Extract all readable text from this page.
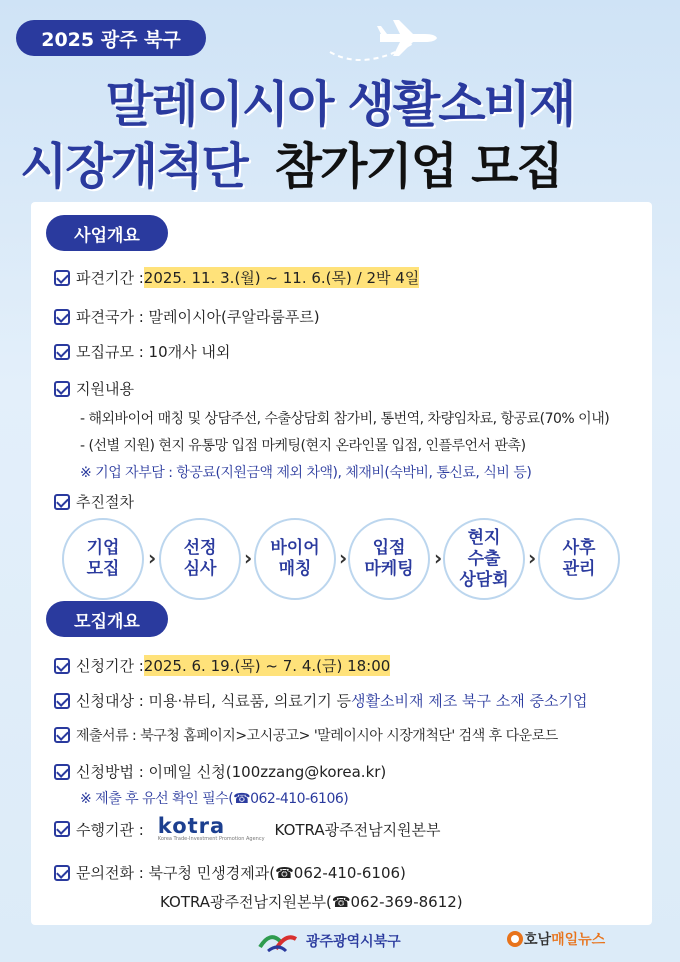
2025 광주 북구
말레이시아 생활소비재
시장개척단 참가기업 모집
사업개요
파견기간 : 2025. 11. 3.(월) ~ 11. 6.(목) / 2박 4일
파견국가 : 말레이시아(쿠알라룸푸르)
모집규모 : 10개사 내외
지원내용
- 해외바이어 매칭 및 상담주선, 수출상담회 참가비, 통번역, 차량임차료, 항공료(70% 이내)
- (선별 지원) 현지 유통망 입점 마케팅(현지 온라인몰 입점, 인플루언서 판촉)
※ 기업 자부담 : 항공료(지원금액 제외 차액), 체재비(숙박비, 통신료, 식비 등)
추진절차
기업
모집 › 선정
심사 › 바이어
매칭	›	입점
마케팅 ›
현지
수출
상담회
› 사후
관리
모집개요
신청기간 : 2025. 6. 19.(목) ~ 7. 4.(금) 18:00
신청대상 : 미용·뷰티, 식료품, 의료기기 등 생활소비재 제조 북구 소재 중소기업
제출서류 : 북구청 홈페이지>고시공고> '말레이시아 시장개척단' 검색 후 다운로드
신청방법 : 이메일 신청(100zzang@korea.kr)
※ 제출 후 유선 확인 필수(☎062-410-6106)
수행기관 : kotra
Korea Trade-Investment Promotion Agency
KOTRA광주전남지원본부
문의전화 : 북구청 민생경제과(☎062-410-6106)
KOTRA광주전남지원본부(☎062-369-8612)
광주광역시북구	호남 매일뉴스
